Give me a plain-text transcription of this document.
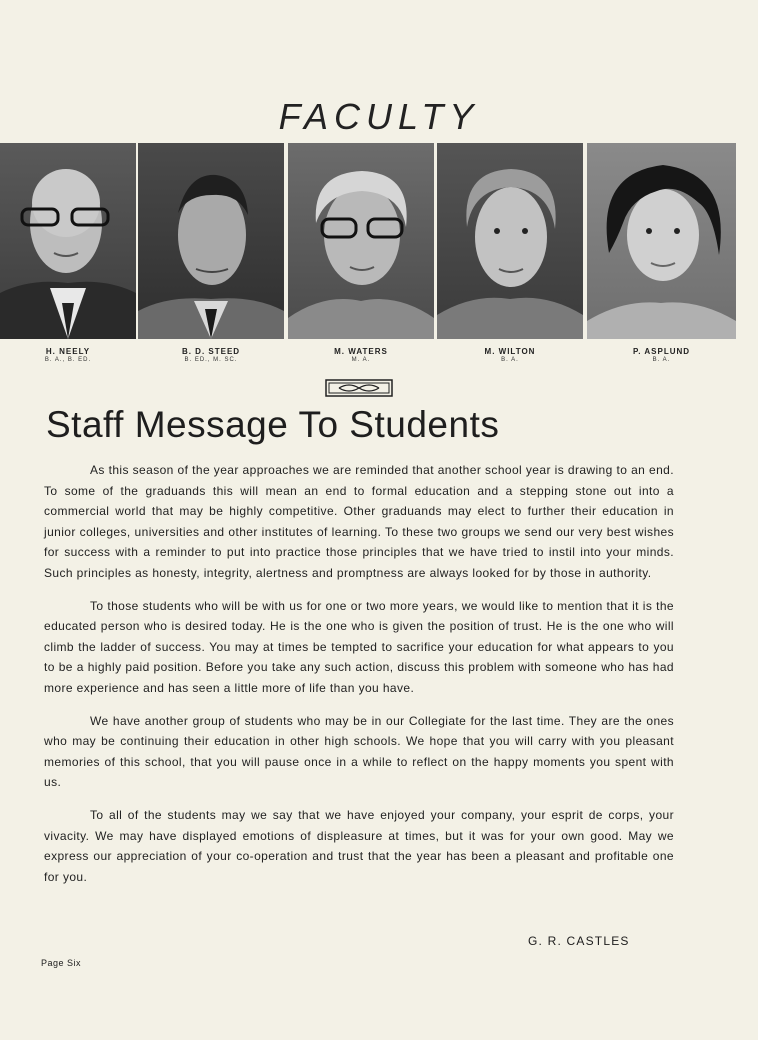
FACULTY
H. NEELY
B. A., B. ED.
B. D. STEED
B. ED., M. SC.
M. WATERS
M. A.
M. WILTON
B. A.
P. ASPLUND
B. A.
Staff Message To Students

As this season of the year approaches we are reminded that another school year is drawing to an end. To some of the graduands this will mean an end to formal education and a stepping stone out into a commercial world that may be highly competitive. Other graduands may elect to further their education in junior colleges, universities and other institutes of learning. To these two groups we send our very best wishes for success with a reminder to put into practice those principles that we have tried to instil into your minds. Such principles as honesty, integrity, alertness and promptness are always looked for by those in authority.

To those students who will be with us for one or two more years, we would like to mention that it is the educated person who is desired today. He is the one who is given the position of trust. He is the one who will climb the ladder of success. You may at times be tempted to sacrifice your education for what appears to you to be a highly paid position. Before you take any such action, discuss this problem with someone who has had more experience and has seen a little more of life than you have.

We have another group of students who may be in our Collegiate for the last time. They are the ones who may be continuing their education in other high schools. We hope that you will carry with you pleasant memories of this school, that you will pause once in a while to reflect on the happy moments you spent with us.

To all of the students may we say that we have enjoyed your company, your esprit de corps, your vivacity. We may have displayed emotions of displeasure at times, but it was for your own good. May we express our appreciation of your co-operation and trust that the year has been a pleasant and profitable one for you.

G. R. CASTLES
Page Six
